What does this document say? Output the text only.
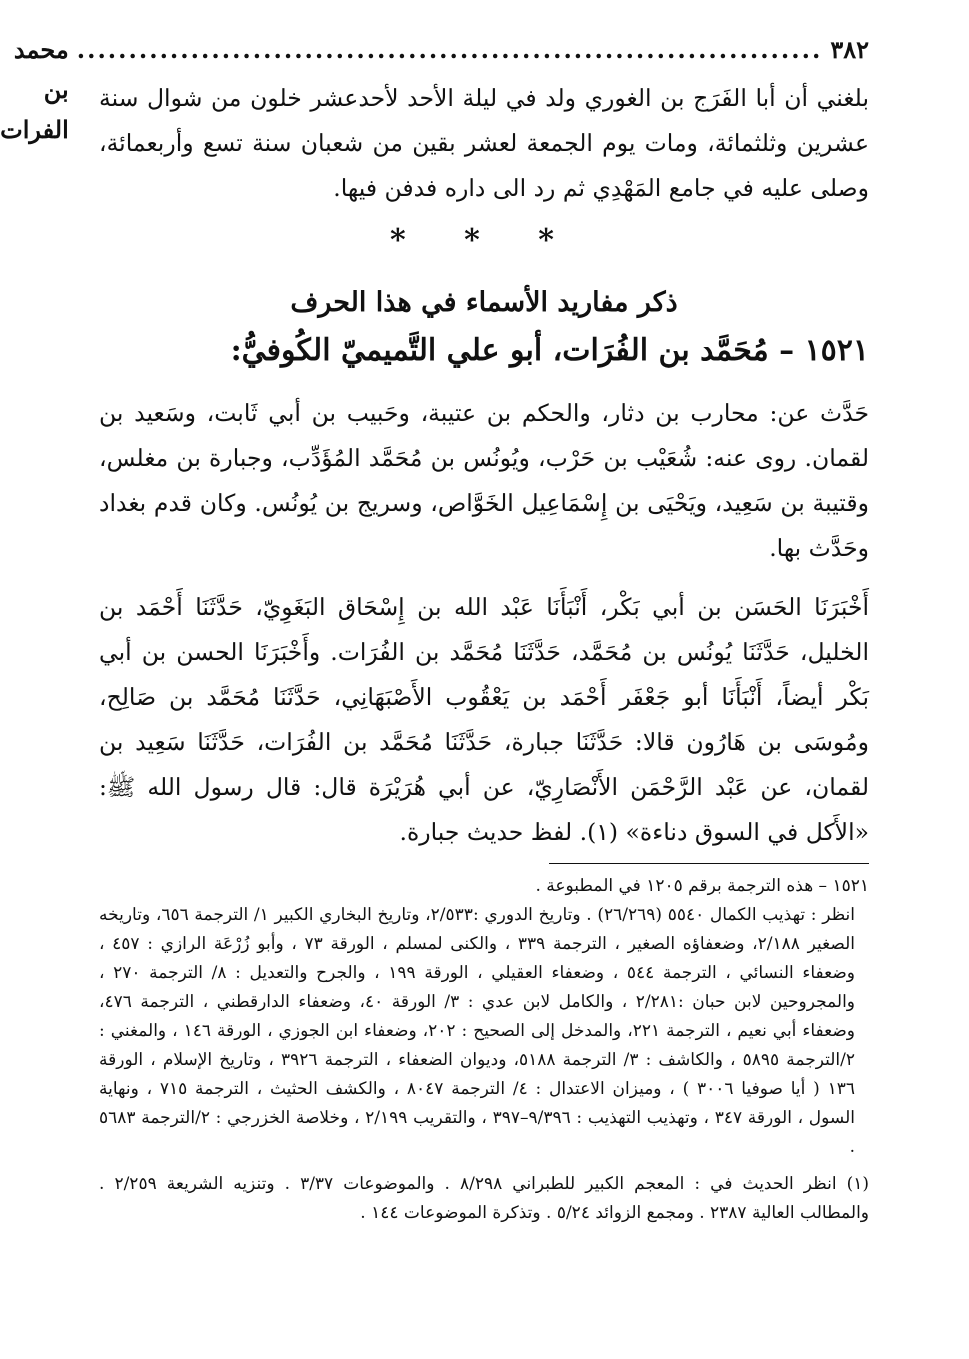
٣٨٢
........................................................................
محمد بن الفرات

بلغني أن أبا الفَرَج بن الغوري ولد في ليلة الأحد لأحدعشر خلون من شوال سنة عشرين وثلثمائة، ومات يوم الجمعة لعشر بقين من شعبان سنة تسع وأربعمائة، وصلى عليه في جامع المَهْدِي ثم رد الى داره فدفن فيها.

* * *
ذكر مفاريد الأسماء في هذا الحرف
١٥٢١ – مُحَمَّد بن الفُرَات، أبو علي التَّميميّ الكُوفيُّ:

حَدَّث عن: محارب بن دثار، والحكم بن عتيبة، وحَبيب بن أبي ثَابت، وسَعيد بن لقمان. روى عنه: شُعَيْب بن حَرْب، ويُونُس بن مُحَمَّد المُؤَدِّب، وجبارة بن مغلس، وقتيبة بن سَعِيد، ويَحْيَى بن إِسْمَاعِيل الخَوَّاص، وسريج بن يُونُس. وكان قدم بغداد وحَدَّث بها.

أَخْبَرَنَا الحَسَن بن أبي بَكْر، أَنْبَأَنَا عَبْد الله بن إِسْحَاق البَغَوِيّ، حَدَّثَنَا أَحْمَد بن الخليل، حَدَّثَنَا يُونُس بن مُحَمَّد، حَدَّثَنَا مُحَمَّد بن الفُرَات. وأَخْبَرَنَا الحسن بن أبي بَكْر أيضاً، أَنْبَأَنَا أبو جَعْفَر أَحْمَد بن يَعْقُوب الأَصْبَهَانِي، حَدَّثَنَا مُحَمَّد بن صَالِح، ومُوسَى بن هَارُون قالا: حَدَّثَنَا جبارة، حَدَّثَنَا مُحَمَّد بن الفُرَات، حَدَّثَنَا سَعِيد بن لقمان، عن عَبْد الرَّحْمَن الأَنْصَارِيّ، عن أبي هُرَيْرَة قال: قال رسول الله ﷺ: «الأَكل في السوق دناءة» (١). لفظ حديث جبارة.

١٥٢١ – هذه الترجمة برقم ١٢٠٥ في المطبوعة .

انظر : تهذيب الكمال ٥٥٤٠ (٢٦/٢٦٩) . وتاريخ الدوري :٢/٥٣٣، وتاريخ البخاري الكبير ١/ الترجمة ٦٥٦، وتاريخه الصغير ٢/١٨٨، وضعفاؤه الصغير ، الترجمة ٣٣٩ ، والكنى لمسلم ، الورقة ٧٣ ، وأبو زُرْعَة الرازي : ٤٥٧ ، وضعفاء النسائي ، الترجمة ٥٤٤ ، وضعفاء العقيلي ، الورقة ١٩٩ ، والجرح والتعديل : ٨/ الترجمة ٢٧٠ ، والمجروحين لابن حبان :٢/٢٨١ ، والكامل لابن عدي : ٣/ الورقة ٤٠، وضعفاء الدارقطني ، الترجمة ٤٧٦، وضعفاء أبي نعيم ، الترجمة ٢٢١، والمدخل إلى الصحيح : ٢٠٢، وضعفاء ابن الجوزي ، الورقة ١٤٦ ، والمغني : ٢/الترجمة ٥٨٩٥ ، والكاشف : ٣/ الترجمة ٥١٨٨، وديوان الضعفاء ، الترجمة ٣٩٢٦ ، وتاريخ الإسلام ، الورقة ١٣٦ ( أيا صوفيا ٣٠٠٦ ) ، وميزان الاعتدال : ٤/ الترجمة ٨٠٤٧ ، والكشف الحثيث ، الترجمة ٧١٥ ، ونهاية السول ، الورقة ٣٤٧ ، وتهذيب التهذيب : ٩/٣٩٦–٣٩٧ ، والتقريب ٢/١٩٩ ، وخلاصة الخزرجي : ٢/الترجمة ٥٦٨٣ .

(١) انظر الحديث في : المعجم الكبير للطبراني ٨/٢٩٨ . والموضوعات ٣/٣٧ . وتنزيه الشريعة ٢/٢٥٩ . والمطالب العالية ٢٣٨٧ . ومجمع الزوائد ٥/٢٤ . وتذكرة الموضوعات ١٤٤ .
